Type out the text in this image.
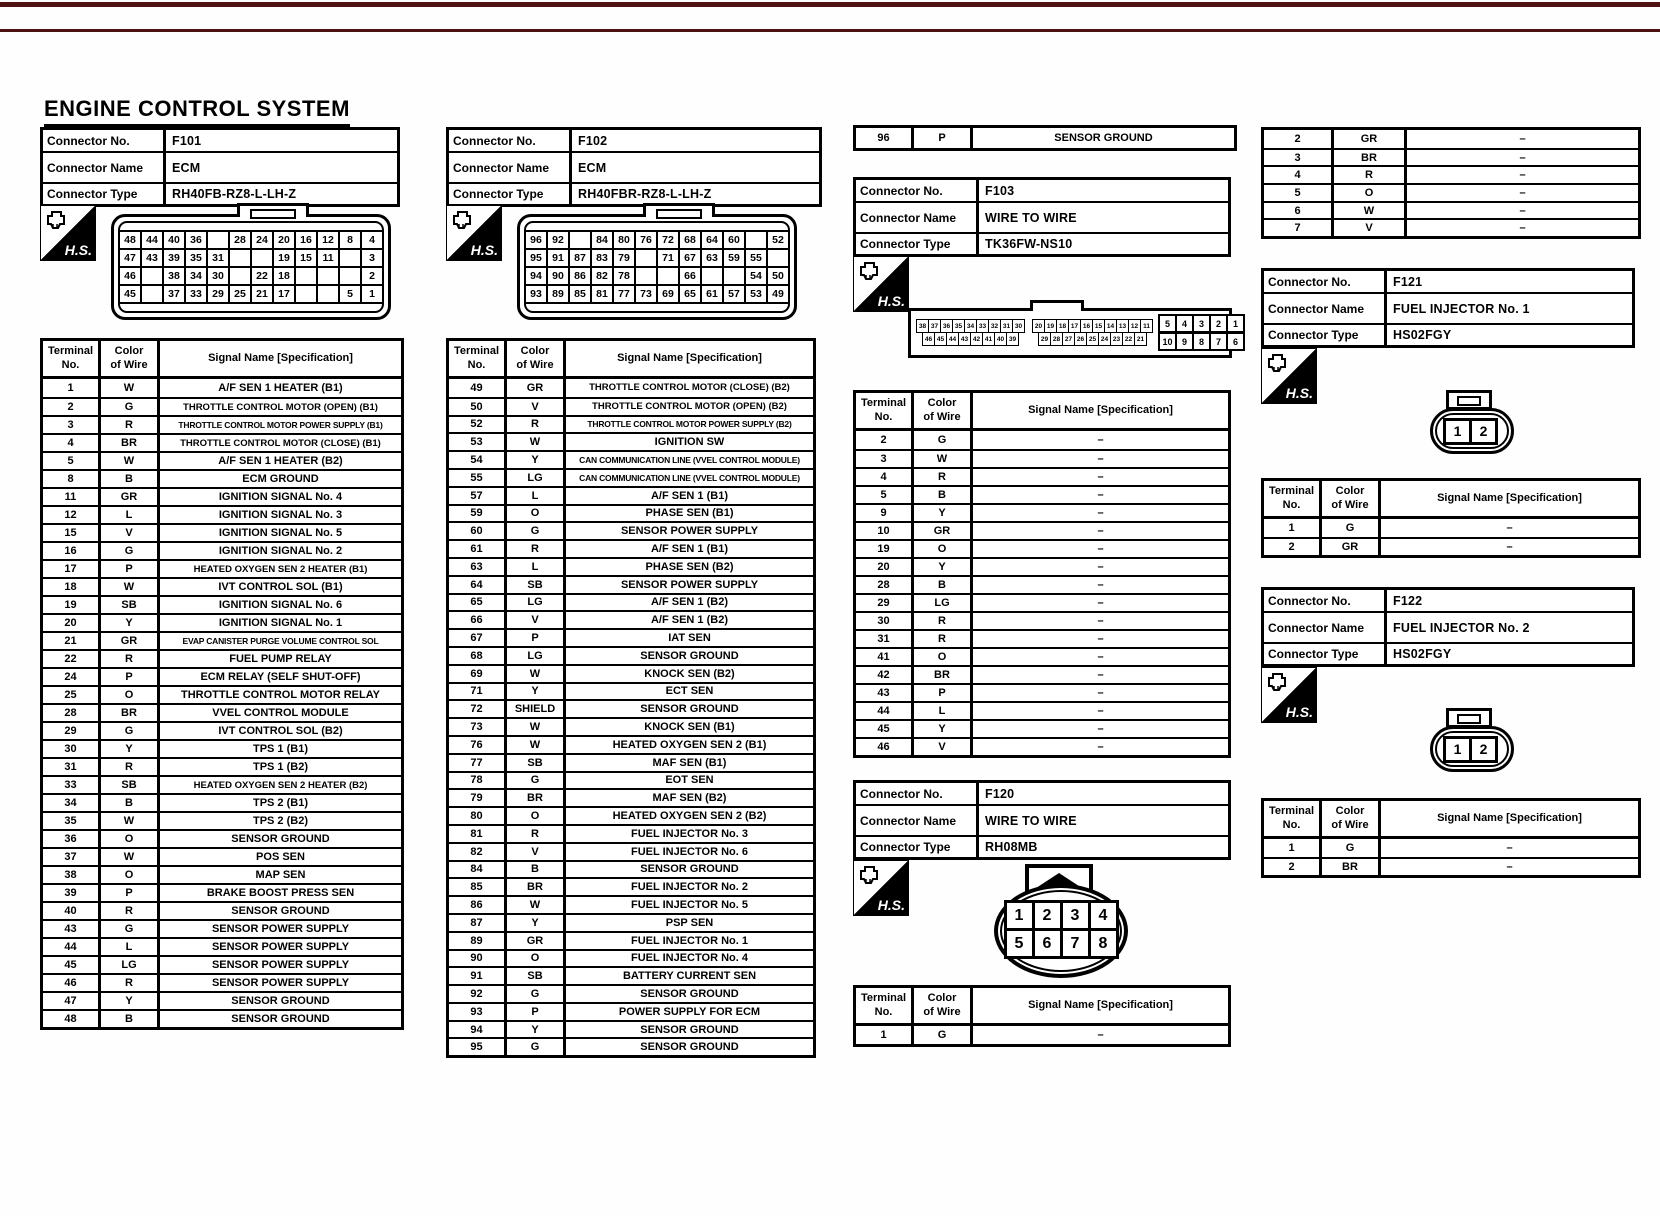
ENGINE CONTROL SYSTEM
Connector No.	F101
Connector Name	ECM
Connector Type	RH40FB-RZ8-L-LH-Z
H.S.
48 44 40 36	28 24 20 16 12	8	4
47 43 39 35 31	19 15	11	3
46	38 34 30	22 18	2
45	37 33 29 25 21 17	5	1
Terminal
No.
Color
of Wire
Signal Name [Specification]
1	W	A/F SEN 1 HEATER (B1)
2	G	THROTTLE CONTROL MOTOR (OPEN) (B1)
3	R	THROTTLE CONTROL MOTOR POWER SUPPLY (B1)
4	BR	THROTTLE CONTROL MOTOR (CLOSE) (B1)
5	W	A/F SEN 1 HEATER (B2)
8	B	ECM GROUND
11	GR	IGNITION SIGNAL No. 4
12	L	IGNITION SIGNAL No. 3
15	V	IGNITION SIGNAL No. 5
16	G	IGNITION SIGNAL No. 2
17	P	HEATED OXYGEN SEN 2 HEATER (B1)
18	W	IVT CONTROL SOL (B1)
19	SB	IGNITION SIGNAL No. 6
20	Y	IGNITION SIGNAL No. 1
21	GR	EVAP CANISTER PURGE VOLUME CONTROL SOL
22	R	FUEL PUMP RELAY
24	P	ECM RELAY (SELF SHUT-OFF)
25	O	THROTTLE CONTROL MOTOR RELAY
28	BR	VVEL CONTROL MODULE
29	G	IVT CONTROL SOL (B2)
30	Y	TPS 1 (B1)
31	R	TPS 1 (B2)
33	SB	HEATED OXYGEN SEN 2 HEATER (B2)
34	B	TPS 2 (B1)
35	W	TPS 2 (B2)
36	O	SENSOR GROUND
37	W	POS SEN
38	O	MAP SEN
39	P	BRAKE BOOST PRESS SEN
40	R	SENSOR GROUND
43	G	SENSOR POWER SUPPLY
44	L	SENSOR POWER SUPPLY
45	LG	SENSOR POWER SUPPLY
46	R	SENSOR POWER SUPPLY
47	Y	SENSOR GROUND
48	B	SENSOR GROUND
Connector No.	F102
Connector Name	ECM
Connector Type	RH40FBR-RZ8-L-LH-Z
H.S.
96 92	84 80 76 72 68 64 60	52
95 91 87 83 79	71 67 63 59 55
94 90 86 82 78	66	54 50
93 89 85 81 77 73 69 65 61 57 53 49
Terminal
No.
Color
of Wire
Signal Name [Specification]
49	GR	THROTTLE CONTROL MOTOR (CLOSE) (B2)
50	V	THROTTLE CONTROL MOTOR (OPEN) (B2)
52	R	THROTTLE CONTROL MOTOR POWER SUPPLY (B2)
53	W	IGNITION SW
54	Y	CAN COMMUNICATION LINE (VVEL CONTROL MODULE)
55	LG	CAN COMMUNICATION LINE (VVEL CONTROL MODULE)
57	L	A/F SEN 1 (B1)
59	O	PHASE SEN (B1)
60	G	SENSOR POWER SUPPLY
61	R	A/F SEN 1 (B1)
63	L	PHASE SEN (B2)
64	SB	SENSOR POWER SUPPLY
65	LG	A/F SEN 1 (B2)
66	V	A/F SEN 1 (B2)
67	P	IAT SEN
68	LG	SENSOR GROUND
69	W	KNOCK SEN (B2)
71	Y	ECT SEN
72	SHIELD	SENSOR GROUND
73	W	KNOCK SEN (B1)
76	W	HEATED OXYGEN SEN 2 (B1)
77	SB	MAF SEN (B1)
78	G	EOT SEN
79	BR	MAF SEN (B2)
80	O	HEATED OXYGEN SEN 2 (B2)
81	R	FUEL INJECTOR No. 3
82	V	FUEL INJECTOR No. 6
84	B	SENSOR GROUND
85	BR	FUEL INJECTOR No. 2
86	W	FUEL INJECTOR No. 5
87	Y	PSP SEN
89	GR	FUEL INJECTOR No. 1
90	O	FUEL INJECTOR No. 4
91	SB	BATTERY CURRENT SEN
92	G	SENSOR GROUND
93	P	POWER SUPPLY FOR ECM
94	Y	SENSOR GROUND
95	G	SENSOR GROUND
96	P	SENSOR GROUND
Connector No.	F103
Connector Name	WIRE TO WIRE
Connector Type	TK36FW-NS10
H.S.
38 37 36 35 34 33 32 31 30
46 45 44 43 42 41 40 39
20 19 18 17 16 15 14 13 12 11
29 28 27 26 25 24 23 22 21
5	4	3	2	1
10	9	8	7	6
Terminal
No.
Color
of Wire
Signal Name [Specification]
2	G	–
3	W	–
4	R	–
5	B	–
9	Y	–
10	GR	–
19	O	–
20	Y	–
28	B	–
29	LG	–
30	R	–
31	R	–
41	O	–
42	BR	–
43	P	–
44	L	–
45	Y	–
46	V	–
Connector No.	F120
Connector Name	WIRE TO WIRE
Connector Type	RH08MB
H.S.
1	2	3	4
5	6	7	8
Terminal
No.
Color
of Wire
Signal Name [Specification]
1	G	–
2	GR	–
3	BR	–
4	R	–
5	O	–
6	W	–
7	V	–
Connector No.	F121
Connector Name	FUEL INJECTOR No. 1
Connector Type	HS02FGY
H.S.
1	2
Terminal
No.
Color
of Wire
Signal Name [Specification]
1	G	–
2	GR	–
Connector No.	F122
Connector Name	FUEL INJECTOR No. 2
Connector Type	HS02FGY
H.S.
1	2
Terminal
No.
Color
of Wire
Signal Name [Specification]
1	G	–
2	BR	–
